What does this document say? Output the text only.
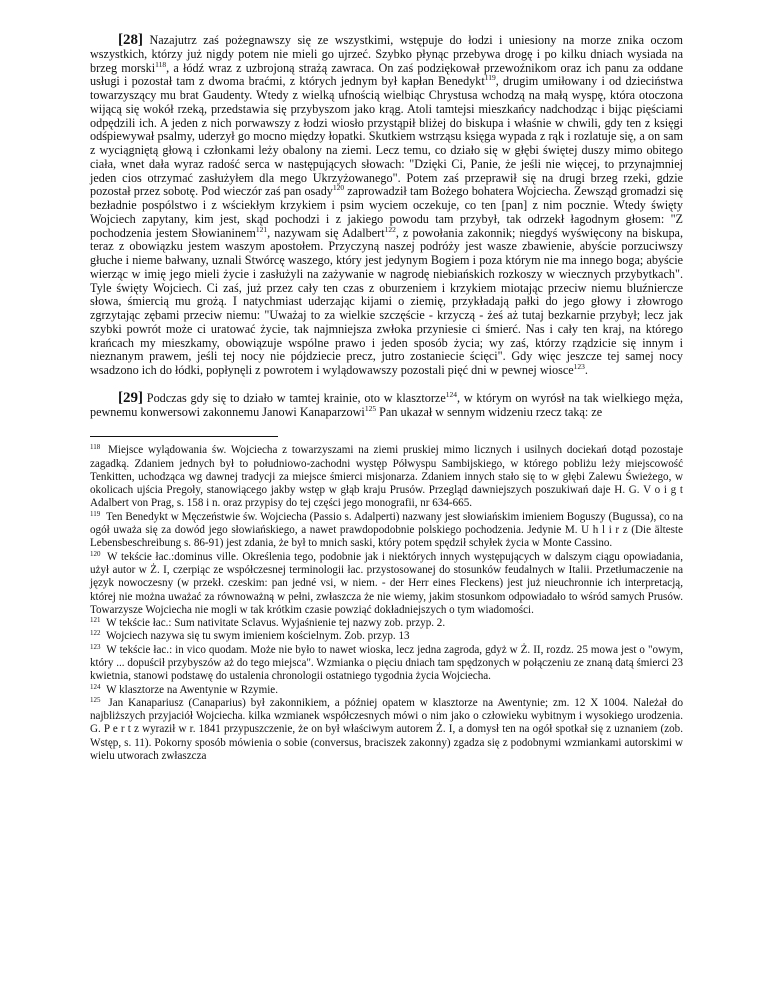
[28] Nazajutrz zaś pożegnawszy się ze wszystkimi, wstępuje do łodzi i uniesiony na morze znika oczom wszystkich, którzy już nigdy potem nie mieli go ujrzeć. Szybko płynąc przebywa drogę i po kilku dniach wysiada na brzeg morski$^{118}$, a łódź wraz z uzbrojoną strażą zawraca. On zaś podziękował przewoźnikom oraz ich panu za oddane usługi i pozostał tam z dwoma braćmi, z których jednym był kapłan Benedykt$^{119}$, drugim umiłowany i od dzieciństwa towarzyszący mu brat Gaudenty. Wtedy z wielką ufnością wielbiąc Chrystusa wchodzą na małą wyspę, która otoczona wijącą się wokół rzeką, przedstawia się przybyszom jako krąg. Atoli tamtejsi mieszkańcy nadchodząc i bijąc pięściami odpędzili ich. A jeden z nich porwawszy z łodzi wiosło przystąpił bliżej do biskupa i właśnie w chwili, gdy ten z księgi odśpiewywał psalmy, uderzył go mocno między łopatki. Skutkiem wstrząsu księga wypada z rąk i rozlatuje się, a on sam z wyciągniętą głową i członkami leży obalony na ziemi. Lecz temu, co działo się w głębi świętej duszy mimo obitego ciała, wnet dała wyraz radość serca w następujących słowach: "Dzięki Ci, Panie, że jeśli nie więcej, to przynajmniej jeden cios otrzymać zasłużyłem dla mego Ukrzyżowanego". Potem zaś przeprawił się na drugi brzeg rzeki, gdzie pozostał przez sobotę. Pod wieczór zaś pan osady$^{120}$ zaprowadził tam Bożego bohatera Wojciecha. Zewsząd gromadzi się bezładnie pospólstwo i z wściekłym krzykiem i psim wyciem oczekuje, co ten [pan] z nim pocznie. Wtedy święty Wojciech zapytany, kim jest, skąd pochodzi i z jakiego powodu tam przybył, tak odrzekł łagodnym głosem: "Z pochodzenia jestem Słowianinem$^{121}$, nazywam się Adalbert$^{122}$, z powołania zakonnik; niegdyś wyświęcony na biskupa, teraz z obowiązku jestem waszym apostołem. Przyczyną naszej podróży jest wasze zbawienie, abyście porzuciwszy głuche i nieme bałwany, uznali Stwórcę waszego, który jest jedynym Bogiem i poza którym nie ma innego boga; abyście wierząc w imię jego mieli życie i zasłużyli na zażywanie w nagrodę niebiańskich rozkoszy w wiecznych przybytkach". Tyle święty Wojciech. Ci zaś, już przez cały ten czas z oburzeniem i krzykiem miotając przeciw niemu bluźniercze słowa, śmiercią mu grożą. I natychmiast uderzając kijami o ziemię, przykładają pałki do jego głowy i złowrogo zgrzytając zębami przeciw niemu: "Uważaj to za wielkie szczęście - krzyczą - żeś aż tutaj bezkarnie przybył; lecz jak szybki powrót może ci uratować życie, tak najmniejsza zwłoka przyniesie ci śmierć. Nas i cały ten kraj, na którego krańcach my mieszkamy, obowiązuje wspólne prawo i jeden sposób życia; wy zaś, którzy rządzicie się innym i nieznanym prawem, jeśli tej nocy nie pójdziecie precz, jutro zostaniecie ścięci". Gdy więc jeszcze tej samej nocy wsadzono ich do łódki, popłynęli z powrotem i wylądowawszy pozostali pięć dni w pewnej wiosce$^{123}$.

[29] Podczas gdy się to działo w tamtej krainie, oto w klasztorze$^{124}$, w którym on wyrósł na tak wielkiego męża, pewnemu konwersowi zakonnemu Janowi Kanaparzowi$^{125}$ Pan ukazał w sennym widzeniu rzecz taką: ze

$^{118}$ Miejsce wylądowania św. Wojciecha z towarzyszami na ziemi pruskiej mimo licznych i usilnych dociekań dotąd pozostaje zagadką. Zdaniem jednych był to południowo-zachodni występ Półwyspu Sambijskiego, w którego pobliżu leży miejscowość Tenkitten, uchodząca wg dawnej tradycji za miejsce śmierci misjonarza. Zdaniem innych stało się to w głębi Zalewu Świeżego, w okolicach ujścia Pregoły, stanowiącego jakby wstęp w głąb kraju Prusów. Przegląd dawniejszych poszukiwań daje H. G. V o i g t Adalbert von Prag, s. 158 i n. oraz przypisy do tej części jego monografii, nr 634-665.

$^{119}$ Ten Benedykt w Męczeństwie św. Wojciecha (Passio s. Adalperti) nazwany jest słowiańskim imieniem Boguszy (Bugussa), co na ogół uważa się za dowód jego słowiańskiego, a nawet prawdopodobnie polskiego pochodzenia. Jedynie M. U h l i r z (Die älteste Lebensbeschreibung s. 86-91) jest zdania, że był to mnich saski, który potem spędził schyłek życia w Monte Cassino.

$^{120}$ W tekście łac.:dominus ville. Określenia tego, podobnie jak i niektórych innych występujących w dalszym ciągu opowiadania, użył autor w Ż. I, czerpiąc ze współczesnej terminologii łac. przystosowanej do stosunków feudalnych w Italii. Przetłumaczenie na język nowoczesny (w przekł. czeskim: pan jedné vsi, w niem. - der Herr eines Fleckens) jest już nieuchronnie ich interpretacją, której nie można uważać za równoważną w pełni, zwłaszcza że nie wiemy, jakim stosunkom odpowiadało to wśród samych Prusów. Towarzysze Wojciecha nie mogli w tak krótkim czasie powziąć dokładniejszych o tym wiadomości.

$^{121}$ W tekście łac.: Sum nativitate Sclavus. Wyjaśnienie tej nazwy zob. przyp. 2.

$^{122}$ Wojciech nazywa się tu swym imieniem kościelnym. Zob. przyp. 13

$^{123}$ W tekście łac.: in vico quodam. Może nie było to nawet wioska, lecz jedna zagroda, gdyż w Ż. II, rozdz. 25 mowa jest o "owym, który ... dopuścił przybyszów aż do tego miejsca". Wzmianka o pięciu dniach tam spędzonych w połączeniu ze znaną datą śmierci 23 kwietnia, stanowi podstawę do ustalenia chronologii ostatniego tygodnia życia Wojciecha.

$^{124}$ W klasztorze na Awentynie w Rzymie.

$^{125}$ Jan Kanapariusz (Canaparius) był zakonnikiem, a później opatem w klasztorze na Awentynie; zm. 12 X 1004. Należał do najbliższych przyjaciół Wojciecha. kilka wzmianek współczesnych mówi o nim jako o człowieku wybitnym i wysokiego urodzenia. G. P e r t z wyraził w r. 1841 przypuszczenie, że on był właściwym autorem Ż. I, a domysł ten na ogół spotkał się z uznaniem (zob. Wstęp, s. 11). Pokorny sposób mówienia o sobie (conversus, braciszek zakonny) zgadza się z podobnymi wzmiankami autorskimi w wielu utworach zwłaszcza
